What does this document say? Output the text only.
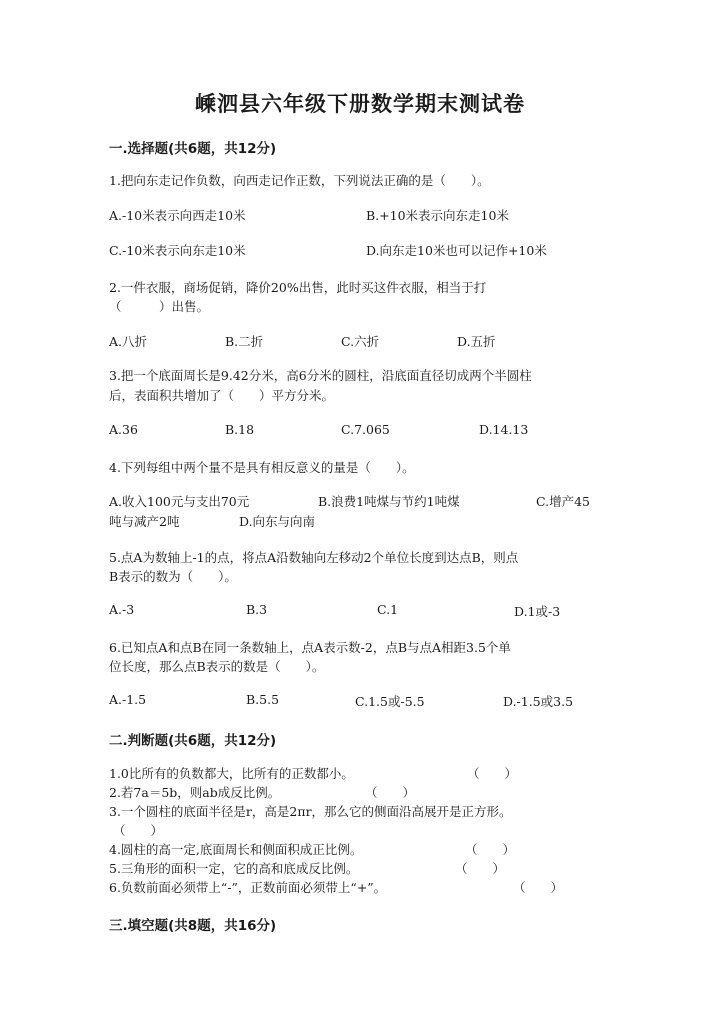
嵊泗县六年级下册数学期末测试卷
一.选择题(共6题，共12分)
1.把向东走记作负数，向西走记作正数，下列说法正确的是（　　）。
A.-10米表示向西走10米	B.+10米表示向东走10米
C.-10米表示向东走10米	D.向东走10米也可以记作+10米
2.一件衣服，商场促销，降价20%出售，此时买这件衣服，相当于打
（　　　）出售。
A.八折	B.二折	C.六折	D.五折
3.把一个底面周长是9.42分米，高6分米的圆柱，沿底面直径切成两个半圆柱
后，表面积共增加了（　　）平方分米。
A.36	B.18	C.7.065	D.14.13
4.下列每组中两个量不是具有相反意义的量是（　　）。
A.收入100元与支出70元	B.浪费1吨煤与节约1吨煤	C.增产45
吨与减产2吨	D.向东与向南
5.点A为数轴上-1的点，将点A沿数轴向左移动2个单位长度到达点B，则点
B表示的数为（　　）。
A.-3	B.3	C.1	D.1或-3
6.已知点A和点B在同一条数轴上，点A表示数-2，点B与点A相距3.5个单
位长度，那么点B表示的数是（　　）。
A.-1.5	B.5.5	C.1.5或-5.5	D.-1.5或3.5
二.判断题(共6题，共12分)
1.0比所有的负数都大，比所有的正数都小。	（　　）
2.若7a＝5b，则ab成反比例。	（　　）
3.一个圆柱的底面半径是r，高是2πr，那么它的侧面沿高展开是正方形。
（　　）
4.圆柱的高一定,底面周长和侧面积成正比例。	（　　）
5.三角形的面积一定，它的高和底成反比例。	（　　）
6.负数前面必须带上“-”，正数前面必须带上“+”。	（　　）
三.填空题(共8题，共16分)
